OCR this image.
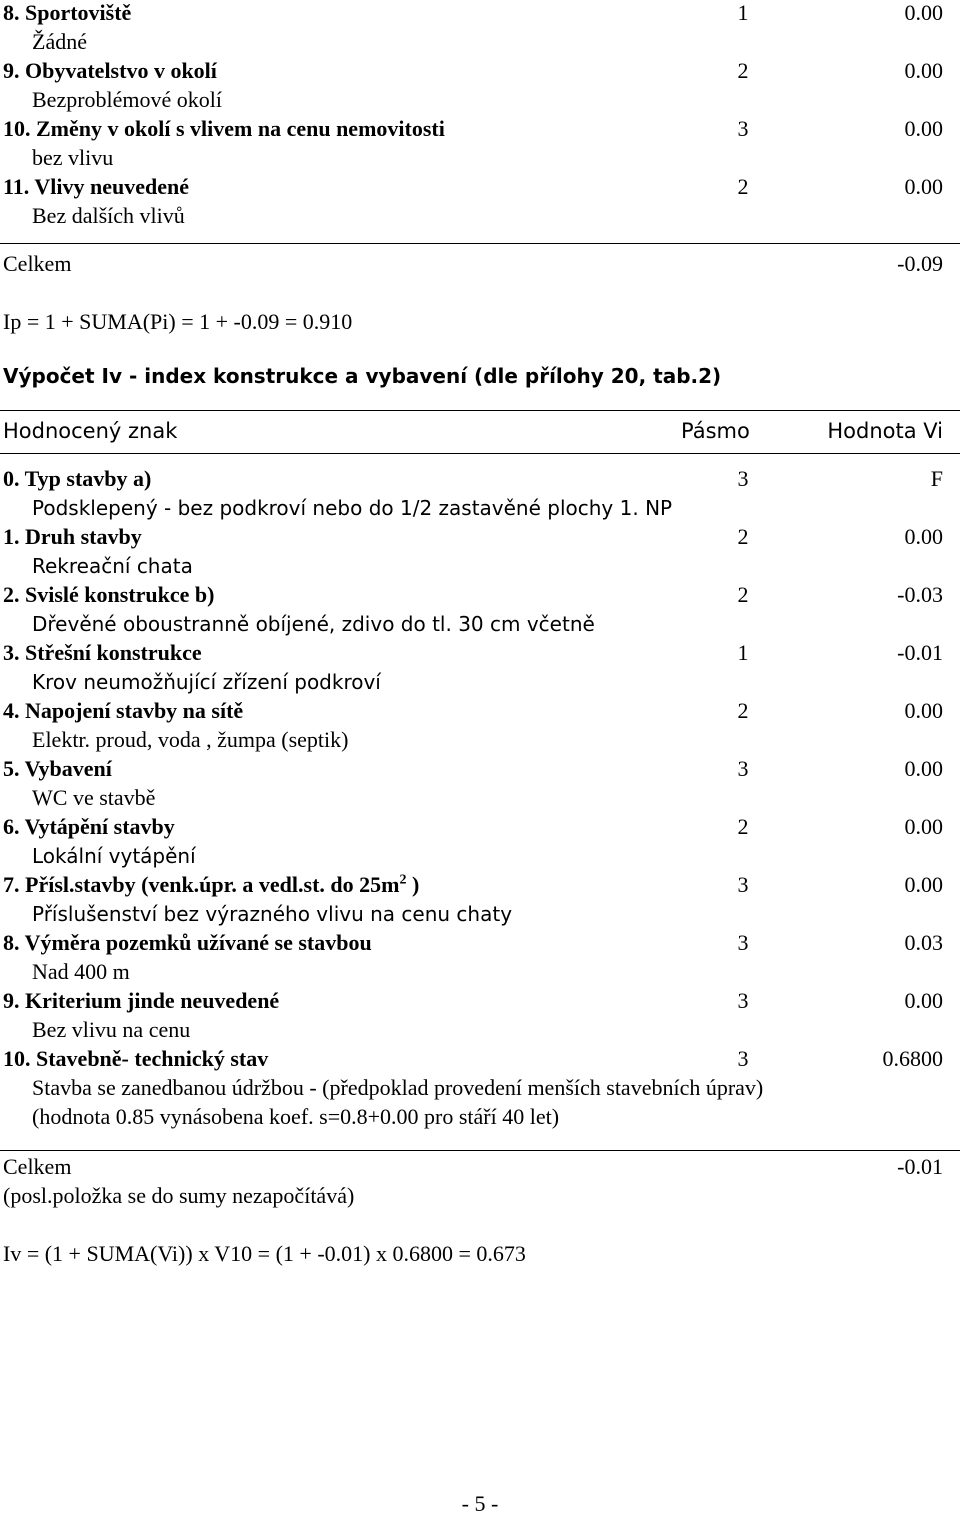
8. Sportoviště	1	0.00
Žádné
9. Obyvatelstvo v okolí	2	0.00
Bezproblémové okolí
10. Změny v okolí s vlivem na cenu nemovitosti	3	0.00
bez vlivu
11. Vlivy neuvedené	2	0.00
Bez dalších vlivů
Celkem	-0.09
Ip = 1 + SUMA(Pi) = 1 + -0.09 = 0.910
Výpočet Iv - index konstrukce a vybavení (dle přílohy 20, tab.2)
Hodnocený znak	Pásmo	Hodnota Vi
0. Typ stavby a)	3	F
Podsklepený - bez podkroví nebo do 1/2 zastavěné plochy 1. NP
1. Druh stavby	2	0.00
Rekreační chata
2. Svislé konstrukce b)	2	-0.03
Dřevěné oboustranně obíjené, zdivo do tl. 30 cm včetně
3. Střešní konstrukce	1	-0.01
Krov neumožňující zřízení podkroví
4. Napojení stavby na sítě	2	0.00
Elektr. proud, voda , žumpa (septik)
5. Vybavení	3	0.00
WC ve stavbě
6. Vytápění stavby	2	0.00
Lokální vytápění
7. Přísl.stavby (venk.úpr. a vedl.st. do $25m^2$ )	3	0.00
Příslušenství bez výrazného vlivu na cenu chaty
8. Výměra pozemků užívané se stavbou	3	0.03
Nad 400 m
9. Kriterium jinde neuvedené	3	0.00
Bez vlivu na cenu
10. Stavebně- technický stav	3	0.6800
Stavba se zanedbanou údržbou - (předpoklad provedení menších stavebních úprav)
(hodnota 0.85 vynásobena koef. s=0.8+0.00 pro stáří 40 let)
Celkem	-0.01
(posl.položka se do sumy nezapočítává)
Iv = (1 + SUMA(Vi)) x V10 = (1 + -0.01) x 0.6800 = 0.673
- 5 -
